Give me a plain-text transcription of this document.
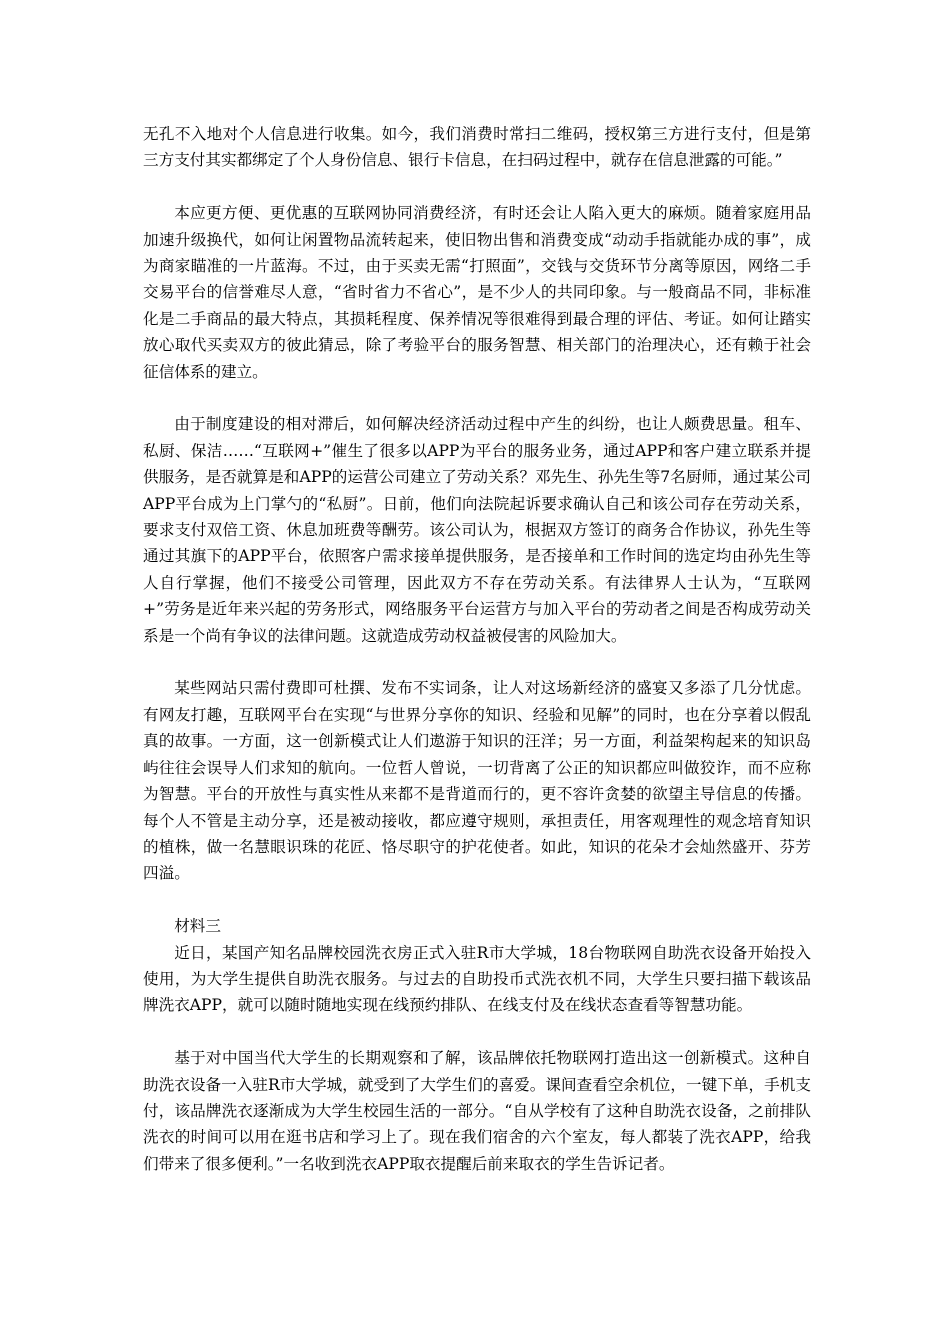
无孔不入地对个人信息进行收集。如今，我们消费时常扫二维码，授权第三方进行支付，但是第三方支付其实都绑定了个人身份信息、银行卡信息，在扫码过程中，就存在信息泄露的可能。”

本应更方便、更优惠的互联网协同消费经济，有时还会让人陷入更大的麻烦。随着家庭用品加速升级换代，如何让闲置物品流转起来，使旧物出售和消费变成“动动手指就能办成的事”，成为商家瞄准的一片蓝海。不过，由于买卖无需“打照面”，交钱与交货环节分离等原因，网络二手交易平台的信誉难尽人意，“省时省力不省心”，是不少人的共同印象。与一般商品不同，非标准化是二手商品的最大特点，其损耗程度、保养情况等很难得到最合理的评估、考证。如何让踏实放心取代买卖双方的彼此猜忌，除了考验平台的服务智慧、相关部门的治理决心，还有赖于社会征信体系的建立。

由于制度建设的相对滞后，如何解决经济活动过程中产生的纠纷，也让人颇费思量。租车、私厨、保洁……“互联网+”催生了很多以APP为平台的服务业务，通过APP和客户建立联系并提供服务，是否就算是和APP的运营公司建立了劳动关系？邓先生、孙先生等7名厨师，通过某公司APP平台成为上门掌勺的“私厨”。日前，他们向法院起诉要求确认自己和该公司存在劳动关系，要求支付双倍工资、休息加班费等酬劳。该公司认为，根据双方签订的商务合作协议，孙先生等通过其旗下的APP平台，依照客户需求接单提供服务，是否接单和工作时间的选定均由孙先生等人自行掌握，他们不接受公司管理，因此双方不存在劳动关系。有法律界人士认为，“互联网+”劳务是近年来兴起的劳务形式，网络服务平台运营方与加入平台的劳动者之间是否构成劳动关系是一个尚有争议的法律问题。这就造成劳动权益被侵害的风险加大。

某些网站只需付费即可杜撰、发布不实词条，让人对这场新经济的盛宴又多添了几分忧虑。有网友打趣，互联网平台在实现“与世界分享你的知识、经验和见解”的同时，也在分享着以假乱真的故事。一方面，这一创新模式让人们遨游于知识的汪洋；另一方面，利益架构起来的知识岛屿往往会误导人们求知的航向。一位哲人曾说，一切背离了公正的知识都应叫做狡诈，而不应称为智慧。平台的开放性与真实性从来都不是背道而行的，更不容许贪婪的欲望主导信息的传播。每个人不管是主动分享，还是被动接收，都应遵守规则，承担责任，用客观理性的观念培育知识的植株，做一名慧眼识珠的花匠、恪尽职守的护花使者。如此，知识的花朵才会灿然盛开、芬芳四溢。

材料三

近日，某国产知名品牌校园洗衣房正式入驻R市大学城，18台物联网自助洗衣设备开始投入使用，为大学生提供自助洗衣服务。与过去的自助投币式洗衣机不同，大学生只要扫描下载该品牌洗衣APP，就可以随时随地实现在线预约排队、在线支付及在线状态查看等智慧功能。

基于对中国当代大学生的长期观察和了解，该品牌依托物联网打造出这一创新模式。这种自助洗衣设备一入驻R市大学城，就受到了大学生们的喜爱。课间查看空余机位，一键下单，手机支付，该品牌洗衣逐渐成为大学生校园生活的一部分。“自从学校有了这种自助洗衣设备，之前排队洗衣的时间可以用在逛书店和学习上了。现在我们宿舍的六个室友，每人都装了洗衣APP，给我们带来了很多便利。”一名收到洗衣APP取衣提醒后前来取衣的学生告诉记者。
